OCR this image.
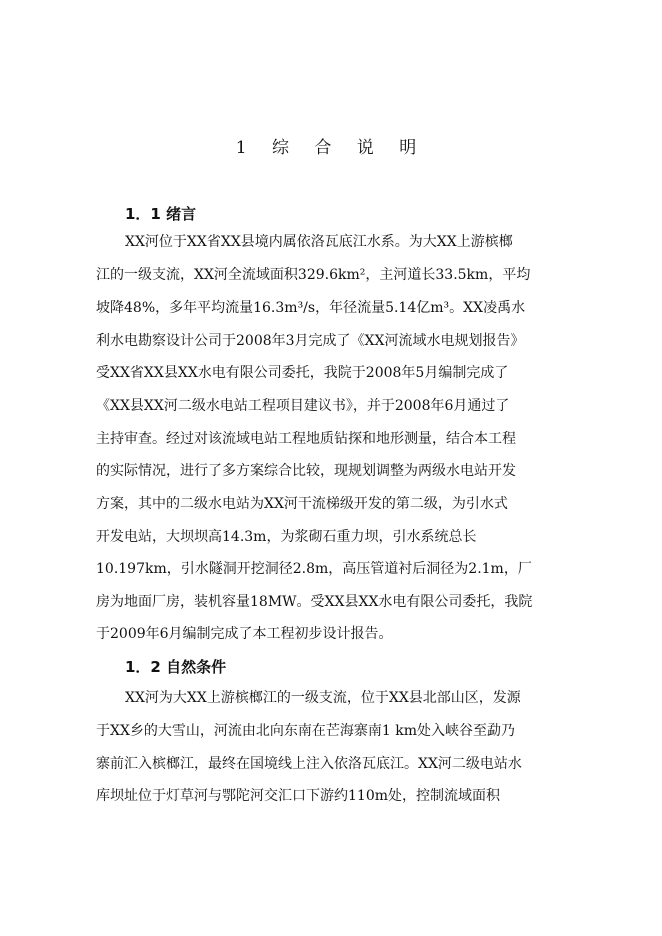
1 综 合 说 明
1．1 绪言
XX河位于XX省XX县境内属依洛瓦底江水系。为大XX上游槟榔
江的一级支流，XX河全流域面积329.6km²，主河道长33.5km，平均
坡降48%，多年平均流量16.3m³/s，年径流量5.14亿m³。XX凌禹水
利水电勘察设计公司于2008年3月完成了《XX河流域水电规划报告》
受XX省XX县XX水电有限公司委托，我院于2008年5月编制完成了
《XX县XX河二级水电站工程项目建议书》，并于2008年6月通过了
主持审查。经过对该流域电站工程地质钻探和地形测量，结合本工程
的实际情况，进行了多方案综合比较，现规划调整为两级水电站开发
方案，其中的二级水电站为XX河干流梯级开发的第二级，为引水式
开发电站，大坝坝高14.3m，为浆砌石重力坝，引水系统总长
10.197km，引水隧洞开挖洞径2.8m，高压管道衬后洞径为2.1m，厂
房为地面厂房，装机容量18MW。受XX县XX水电有限公司委托，我院
于2009年6月编制完成了本工程初步设计报告。
1．2 自然条件
XX河为大XX上游槟榔江的一级支流，位于XX县北部山区，发源
于XX乡的大雪山，河流由北向东南在芒海寨南1 km处入峡谷至勐乃
寨前汇入槟榔江，最终在国境线上注入依洛瓦底江。XX河二级电站水
库坝址位于灯草河与鄂陀河交汇口下游约110m处，控制流域面积
